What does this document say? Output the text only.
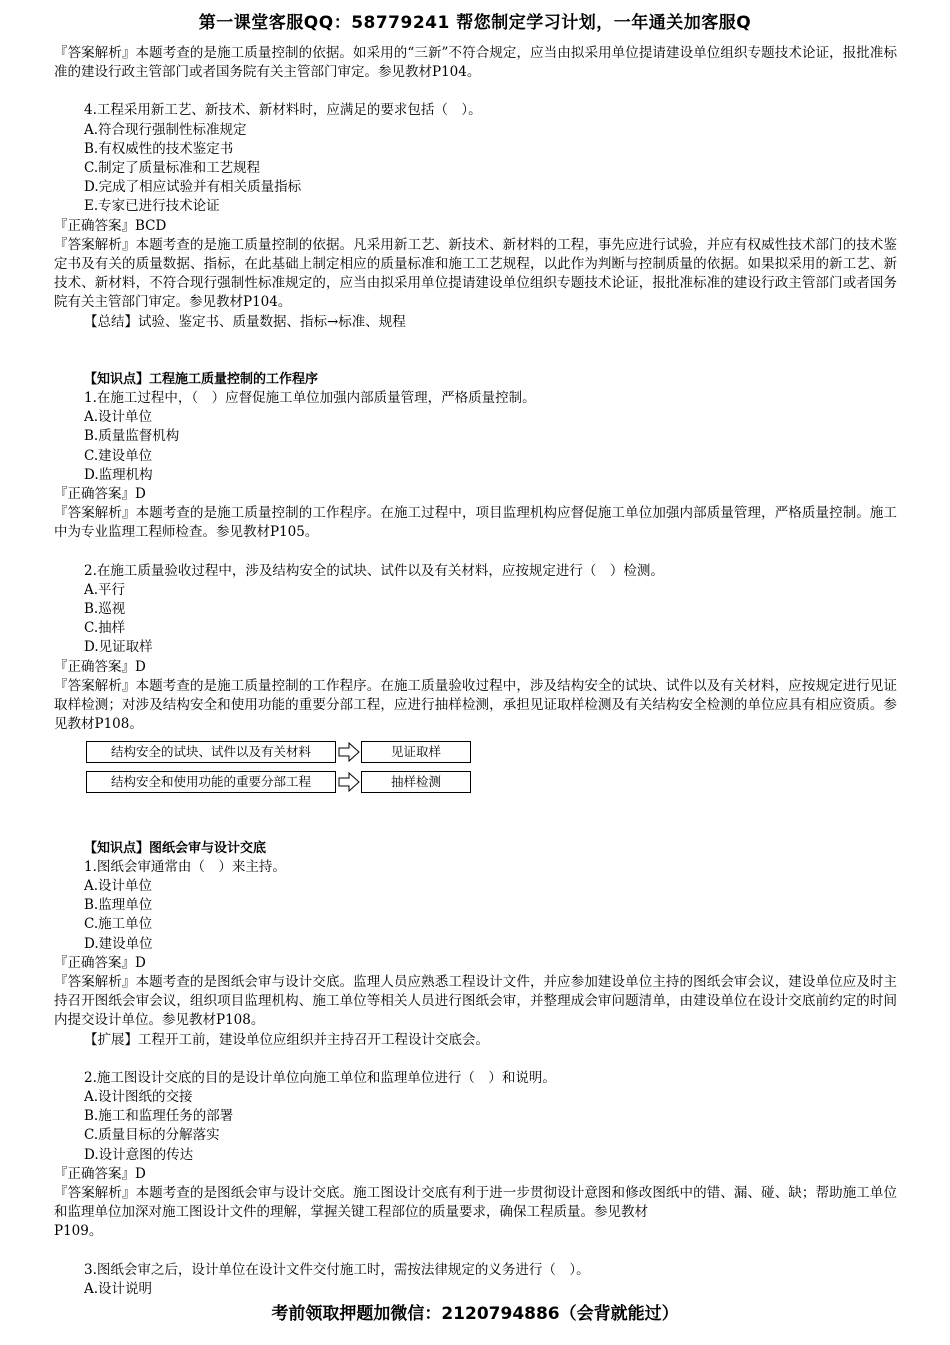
第一课堂客服QQ：58779241 帮您制定学习计划，一年通关加客服Q

『答案解析』本题考查的是施工质量控制的依据。如采用的“三新”不符合规定，应当由拟采用单位提请建设单位组织专题技术论证，报批准标准的建设行政主管部门或者国务院有关主管部门审定。参见教材P104。

4.工程采用新工艺、新技术、新材料时，应满足的要求包括（　）。

A.符合现行强制性标准规定

B.有权威性的技术鉴定书

C.制定了质量标准和工艺规程

D.完成了相应试验并有相关质量指标

E.专家已进行技术论证

『正确答案』BCD

『答案解析』本题考查的是施工质量控制的依据。凡采用新工艺、新技术、新材料的工程，事先应进行试验，并应有权威性技术部门的技术鉴定书及有关的质量数据、指标，在此基础上制定相应的质量标准和施工工艺规程，以此作为判断与控制质量的依据。如果拟采用的新工艺、新技术、新材料，不符合现行强制性标准规定的，应当由拟采用单位提请建设单位组织专题技术论证，报批准标准的建设行政主管部门或者国务院有关主管部门审定。参见教材P104。

【总结】试验、鉴定书、质量数据、指标→标准、规程

【知识点】工程施工质量控制的工作程序

1.在施工过程中，（　）应督促施工单位加强内部质量管理，严格质量控制。

A.设计单位

B.质量监督机构

C.建设单位

D.监理机构

『正确答案』D

『答案解析』本题考查的是施工质量控制的工作程序。在施工过程中，项目监理机构应督促施工单位加强内部质量管理，严格质量控制。施工中为专业监理工程师检查。参见教材P105。

2.在施工质量验收过程中，涉及结构安全的试块、试件以及有关材料，应按规定进行（　）检测。

A.平行

B.巡视

C.抽样

D.见证取样

『正确答案』D

『答案解析』本题考查的是施工质量控制的工作程序。在施工质量验收过程中，涉及结构安全的试块、试件以及有关材料，应按规定进行见证取样检测；对涉及结构安全和使用功能的重要分部工程，应进行抽样检测，承担见证取样检测及有关结构安全检测的单位应具有相应资质。参见教材P108。

结构安全的试块、试件以及有关材料	见证取样
结构安全和使用功能的重要分部工程	抽样检测

【知识点】图纸会审与设计交底

1.图纸会审通常由（　）来主持。

A.设计单位

B.监理单位

C.施工单位

D.建设单位

『正确答案』D

『答案解析』本题考查的是图纸会审与设计交底。监理人员应熟悉工程设计文件，并应参加建设单位主持的图纸会审会议，建设单位应及时主持召开图纸会审会议，组织项目监理机构、施工单位等相关人员进行图纸会审，并整理成会审问题清单，由建设单位在设计交底前约定的时间内提交设计单位。参见教材P108。

【扩展】工程开工前，建设单位应组织并主持召开工程设计交底会。

2.施工图设计交底的目的是设计单位向施工单位和监理单位进行（　）和说明。

A.设计图纸的交接

B.施工和监理任务的部署

C.质量目标的分解落实

D.设计意图的传达

『正确答案』D

『答案解析』本题考查的是图纸会审与设计交底。施工图设计交底有利于进一步贯彻设计意图和修改图纸中的错、漏、碰、缺；帮助施工单位和监理单位加深对施工图设计文件的理解，掌握关键工程部位的质量要求，确保工程质量。参见教材

P109。

3.图纸会审之后，设计单位在设计文件交付施工时，需按法律规定的义务进行（　）。

A.设计说明

考前领取押题加微信：2120794886（会背就能过）
